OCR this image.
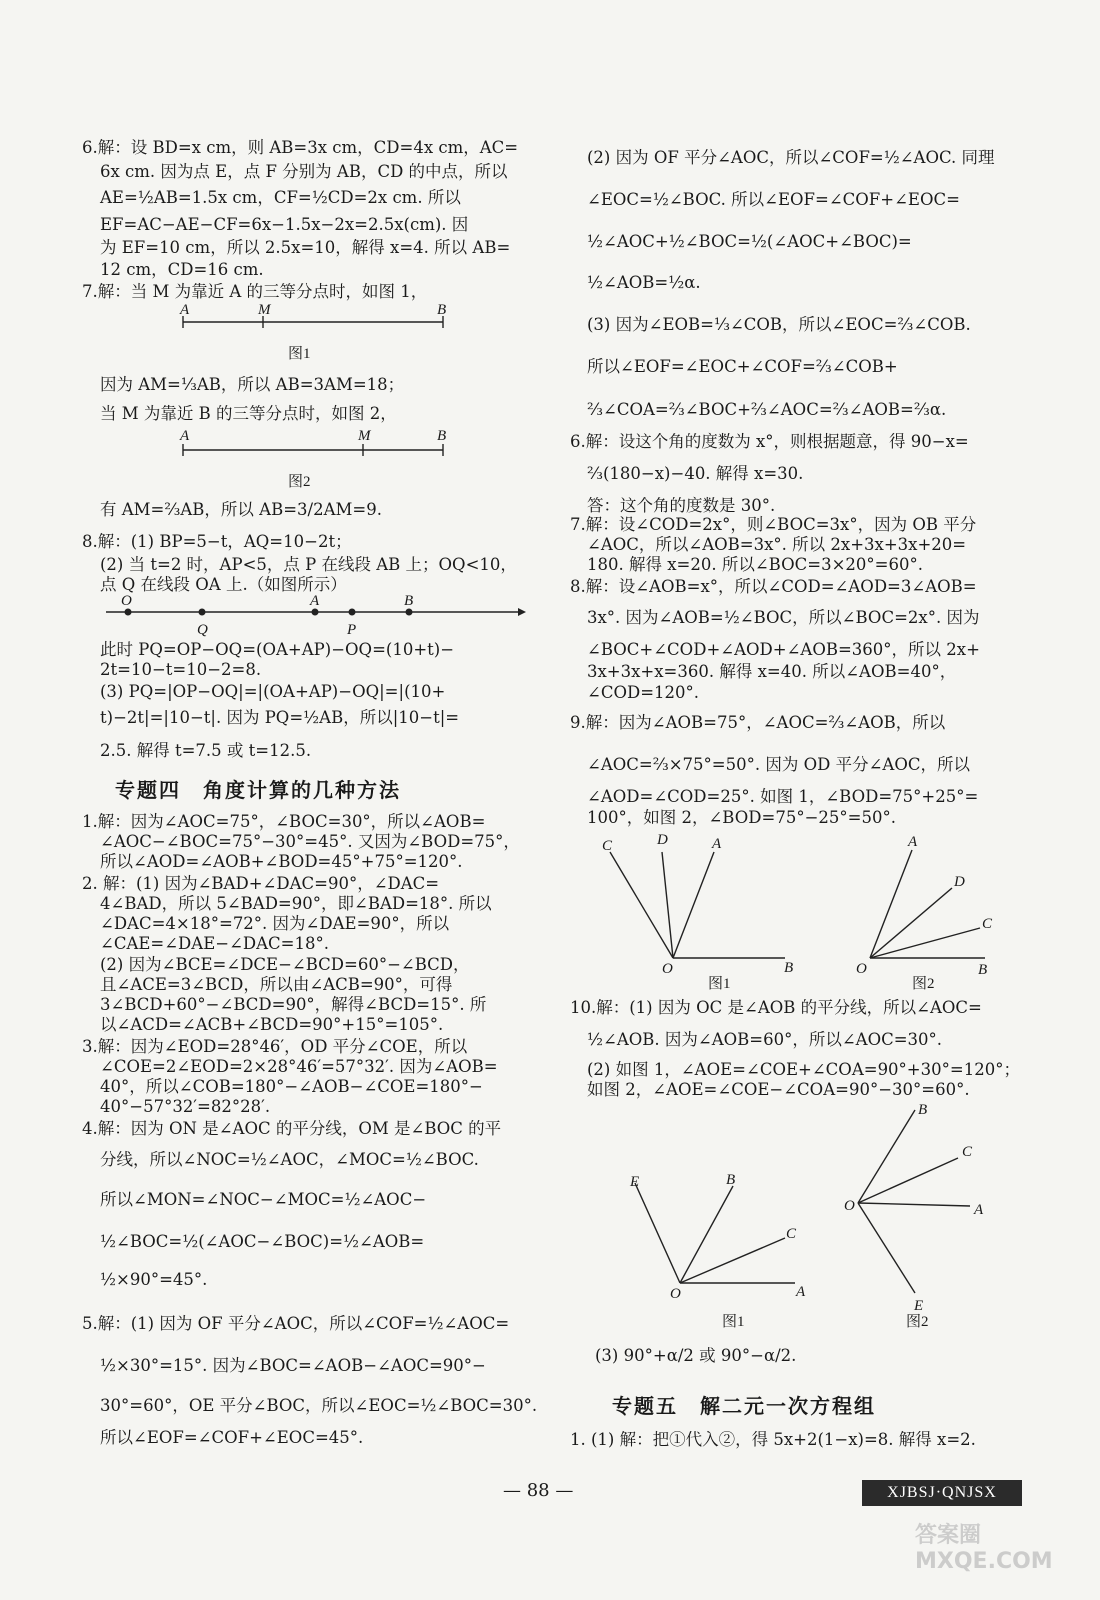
6.解：设 BD=x cm，则 AB=3x cm，CD=4x cm，AC=
6x cm. 因为点 E，点 F 分别为 AB，CD 的中点，所以
AE=½AB=1.5x cm，CF=½CD=2x cm. 所以
EF=AC−AE−CF=6x−1.5x−2x=2.5x(cm). 因
为 EF=10 cm，所以 2.5x=10，解得 x=4. 所以 AB=
12 cm，CD=16 cm.
7.解：当 M 为靠近 A 的三等分点时，如图 1，
A	M	B
图1
因为 AM=⅓AB，所以 AB=3AM=18；
当 M 为靠近 B 的三等分点时，如图 2，
A	M	B
图2
有 AM=⅔AB，所以 AB=3/2AM=9.
8.解：(1) BP=5−t，AQ=10−2t；
(2) 当 t=2 时，AP<5，点 P 在线段 AB 上；OQ<10，
点 Q 在线段 OA 上.（如图所示）
O	A	B
Q	P
此时 PQ=OP−OQ=(OA+AP)−OQ=(10+t)−
2t=10−t=10−2=8.
(3) PQ=|OP−OQ|=|(OA+AP)−OQ|=|(10+
t)−2t|=|10−t|. 因为 PQ=½AB，所以|10−t|=
2.5. 解得 t=7.5 或 t=12.5.
专题四　角度计算的几种方法
1.解：因为∠AOC=75°，∠BOC=30°，所以∠AOB=
∠AOC−∠BOC=75°−30°=45°. 又因为∠BOD=75°，
所以∠AOD=∠AOB+∠BOD=45°+75°=120°.
2. 解：(1) 因为∠BAD+∠DAC=90°，∠DAC=
4∠BAD，所以 5∠BAD=90°，即∠BAD=18°. 所以
∠DAC=4×18°=72°. 因为∠DAE=90°，所以
∠CAE=∠DAE−∠DAC=18°.
(2) 因为∠BCE=∠DCE−∠BCD=60°−∠BCD，
且∠ACE=3∠BCD，所以由∠ACB=90°，可得
3∠BCD+60°−∠BCD=90°，解得∠BCD=15°. 所
以∠ACD=∠ACB+∠BCD=90°+15°=105°.
3.解：因为∠EOD=28°46′，OD 平分∠COE，所以
∠COE=2∠EOD=2×28°46′=57°32′. 因为∠AOB=
40°，所以∠COB=180°−∠AOB−∠COE=180°−
40°−57°32′=82°28′.
4.解：因为 ON 是∠AOC 的平分线，OM 是∠BOC 的平
分线，所以∠NOC=½∠AOC，∠MOC=½∠BOC.
所以∠MON=∠NOC−∠MOC=½∠AOC−
½∠BOC=½(∠AOC−∠BOC)=½∠AOB=
½×90°=45°.
5.解：(1) 因为 OF 平分∠AOC，所以∠COF=½∠AOC=
½×30°=15°. 因为∠BOC=∠AOB−∠AOC=90°−
30°=60°，OE 平分∠BOC，所以∠EOC=½∠BOC=30°.
所以∠EOF=∠COF+∠EOC=45°.
(2) 因为 OF 平分∠AOC，所以∠COF=½∠AOC. 同理
∠EOC=½∠BOC. 所以∠EOF=∠COF+∠EOC=
½∠AOC+½∠BOC=½(∠AOC+∠BOC)=
½∠AOB=½α.
(3) 因为∠EOB=⅓∠COB，所以∠EOC=⅔∠COB.
所以∠EOF=∠EOC+∠COF=⅔∠COB+
⅔∠COA=⅔∠BOC+⅔∠AOC=⅔∠AOB=⅔α.
6.解：设这个角的度数为 x°，则根据题意，得 90−x=
⅔(180−x)−40. 解得 x=30.
答：这个角的度数是 30°.
7.解：设∠COD=2x°，则∠BOC=3x°，因为 OB 平分
∠AOC，所以∠AOB=3x°. 所以 2x+3x+3x+20=
180. 解得 x=20. 所以∠BOC=3×20°=60°.
8.解：设∠AOB=x°，所以∠COD=∠AOD=3∠AOB=
3x°. 因为∠AOB=½∠BOC，所以∠BOC=2x°. 因为
∠BOC+∠COD+∠AOD+∠AOB=360°，所以 2x+
3x+3x+x=360. 解得 x=40. 所以∠AOB=40°，
∠COD=120°.
9.解：因为∠AOB=75°，∠AOC=⅔∠AOB，所以
∠AOC=⅔×75°=50°. 因为 OD 平分∠AOC，所以
∠AOD=∠COD=25°. 如图 1，∠BOD=75°+25°=
100°，如图 2，∠BOD=75°−25°=50°.
C	D	A
O	B
图1
A
D
C
O	B
图2
10.解：(1) 因为 OC 是∠AOB 的平分线，所以∠AOC=
½∠AOB. 因为∠AOB=60°，所以∠AOC=30°.
(2) 如图 1，∠AOE=∠COE+∠COA=90°+30°=120°；
如图 2，∠AOE=∠COE−∠COA=90°−30°=60°.
E	B
C
O	A
图1
B
C
O	A
E
图2
(3) 90°+α/2 或 90°−α/2.
专题五　解二元一次方程组
1. (1) 解：把①代入②，得 5x+2(1−x)=8. 解得 x=2.
— 88 —	XJBSJ·QNJSX
答案圈 MXQE.COM
